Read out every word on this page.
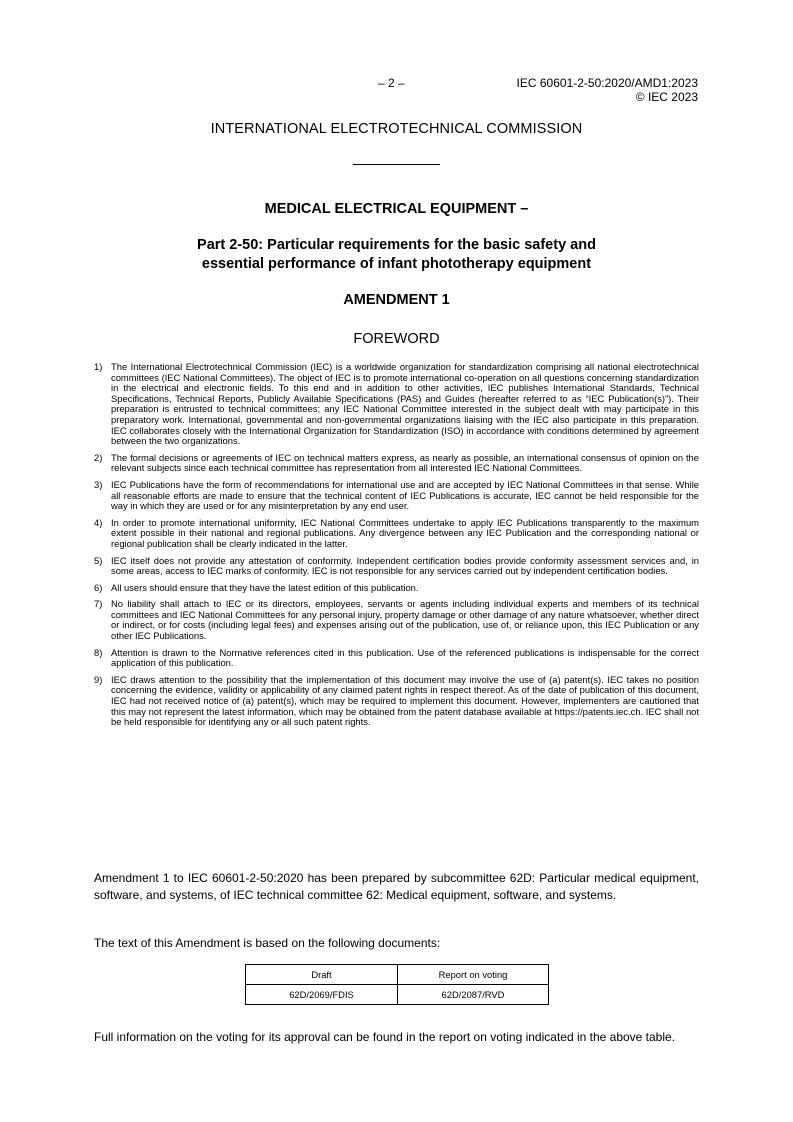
– 2 –	IEC 60601-2-50:2020/AMD1:2023
© IEC 2023
INTERNATIONAL ELECTROTECHNICAL COMMISSION
MEDICAL ELECTRICAL EQUIPMENT –
Part 2-50: Particular requirements for the basic safety and
essential performance of infant phototherapy equipment
AMENDMENT 1
FOREWORD
1) The International Electrotechnical Commission (IEC) is a worldwide organization for standardization comprising all national electrotechnical committees (IEC National Committees). The object of IEC is to promote international co-operation on all questions concerning standardization in the electrical and electronic fields. To this end and in addition to other activities, IEC publishes International Standards, Technical Specifications, Technical Reports, Publicly Available Specifications (PAS) and Guides (hereafter referred to as “IEC Publication(s)”). Their preparation is entrusted to technical committees; any IEC National Committee interested in the subject dealt with may participate in this preparatory work. International, governmental and non-governmental organizations liaising with the IEC also participate in this preparation. IEC collaborates closely with the International Organization for Standardization (ISO) in accordance with conditions determined by agreement between the two organizations.
2) The formal decisions or agreements of IEC on technical matters express, as nearly as possible, an international consensus of opinion on the relevant subjects since each technical committee has representation from all interested IEC National Committees.
3) IEC Publications have the form of recommendations for international use and are accepted by IEC National Committees in that sense. While all reasonable efforts are made to ensure that the technical content of IEC Publications is accurate, IEC cannot be held responsible for the way in which they are used or for any misinterpretation by any end user.
4) In order to promote international uniformity, IEC National Committees undertake to apply IEC Publications transparently to the maximum extent possible in their national and regional publications. Any divergence between any IEC Publication and the corresponding national or regional publication shall be clearly indicated in the latter.
5) IEC itself does not provide any attestation of conformity. Independent certification bodies provide conformity assessment services and, in some areas, access to IEC marks of conformity. IEC is not responsible for any services carried out by independent certification bodies.
6) All users should ensure that they have the latest edition of this publication.
7) No liability shall attach to IEC or its directors, employees, servants or agents including individual experts and members of its technical committees and IEC National Committees for any personal injury, property damage or other damage of any nature whatsoever, whether direct or indirect, or for costs (including legal fees) and expenses arising out of the publication, use of, or reliance upon, this IEC Publication or any other IEC Publications.
8) Attention is drawn to the Normative references cited in this publication. Use of the referenced publications is indispensable for the correct application of this publication.
9) IEC draws attention to the possibility that the implementation of this document may involve the use of (a) patent(s). IEC takes no position concerning the evidence, validity or applicability of any claimed patent rights in respect thereof. As of the date of publication of this document, IEC had not received notice of (a) patent(s), which may be required to implement this document. However, implementers are cautioned that this may not represent the latest information, which may be obtained from the patent database available at https://patents.iec.ch. IEC shall not be held responsible for identifying any or all such patent rights.

Amendment 1 to IEC 60601-2-50:2020 has been prepared by subcommittee 62D: Particular medical equipment, software, and systems, of IEC technical committee 62: Medical equipment, software, and systems.

The text of this Amendment is based on the following documents:

Draft	Report on voting
62D/2069/FDIS	62D/2087/RVD

Full information on the voting for its approval can be found in the report on voting indicated in the above table.
